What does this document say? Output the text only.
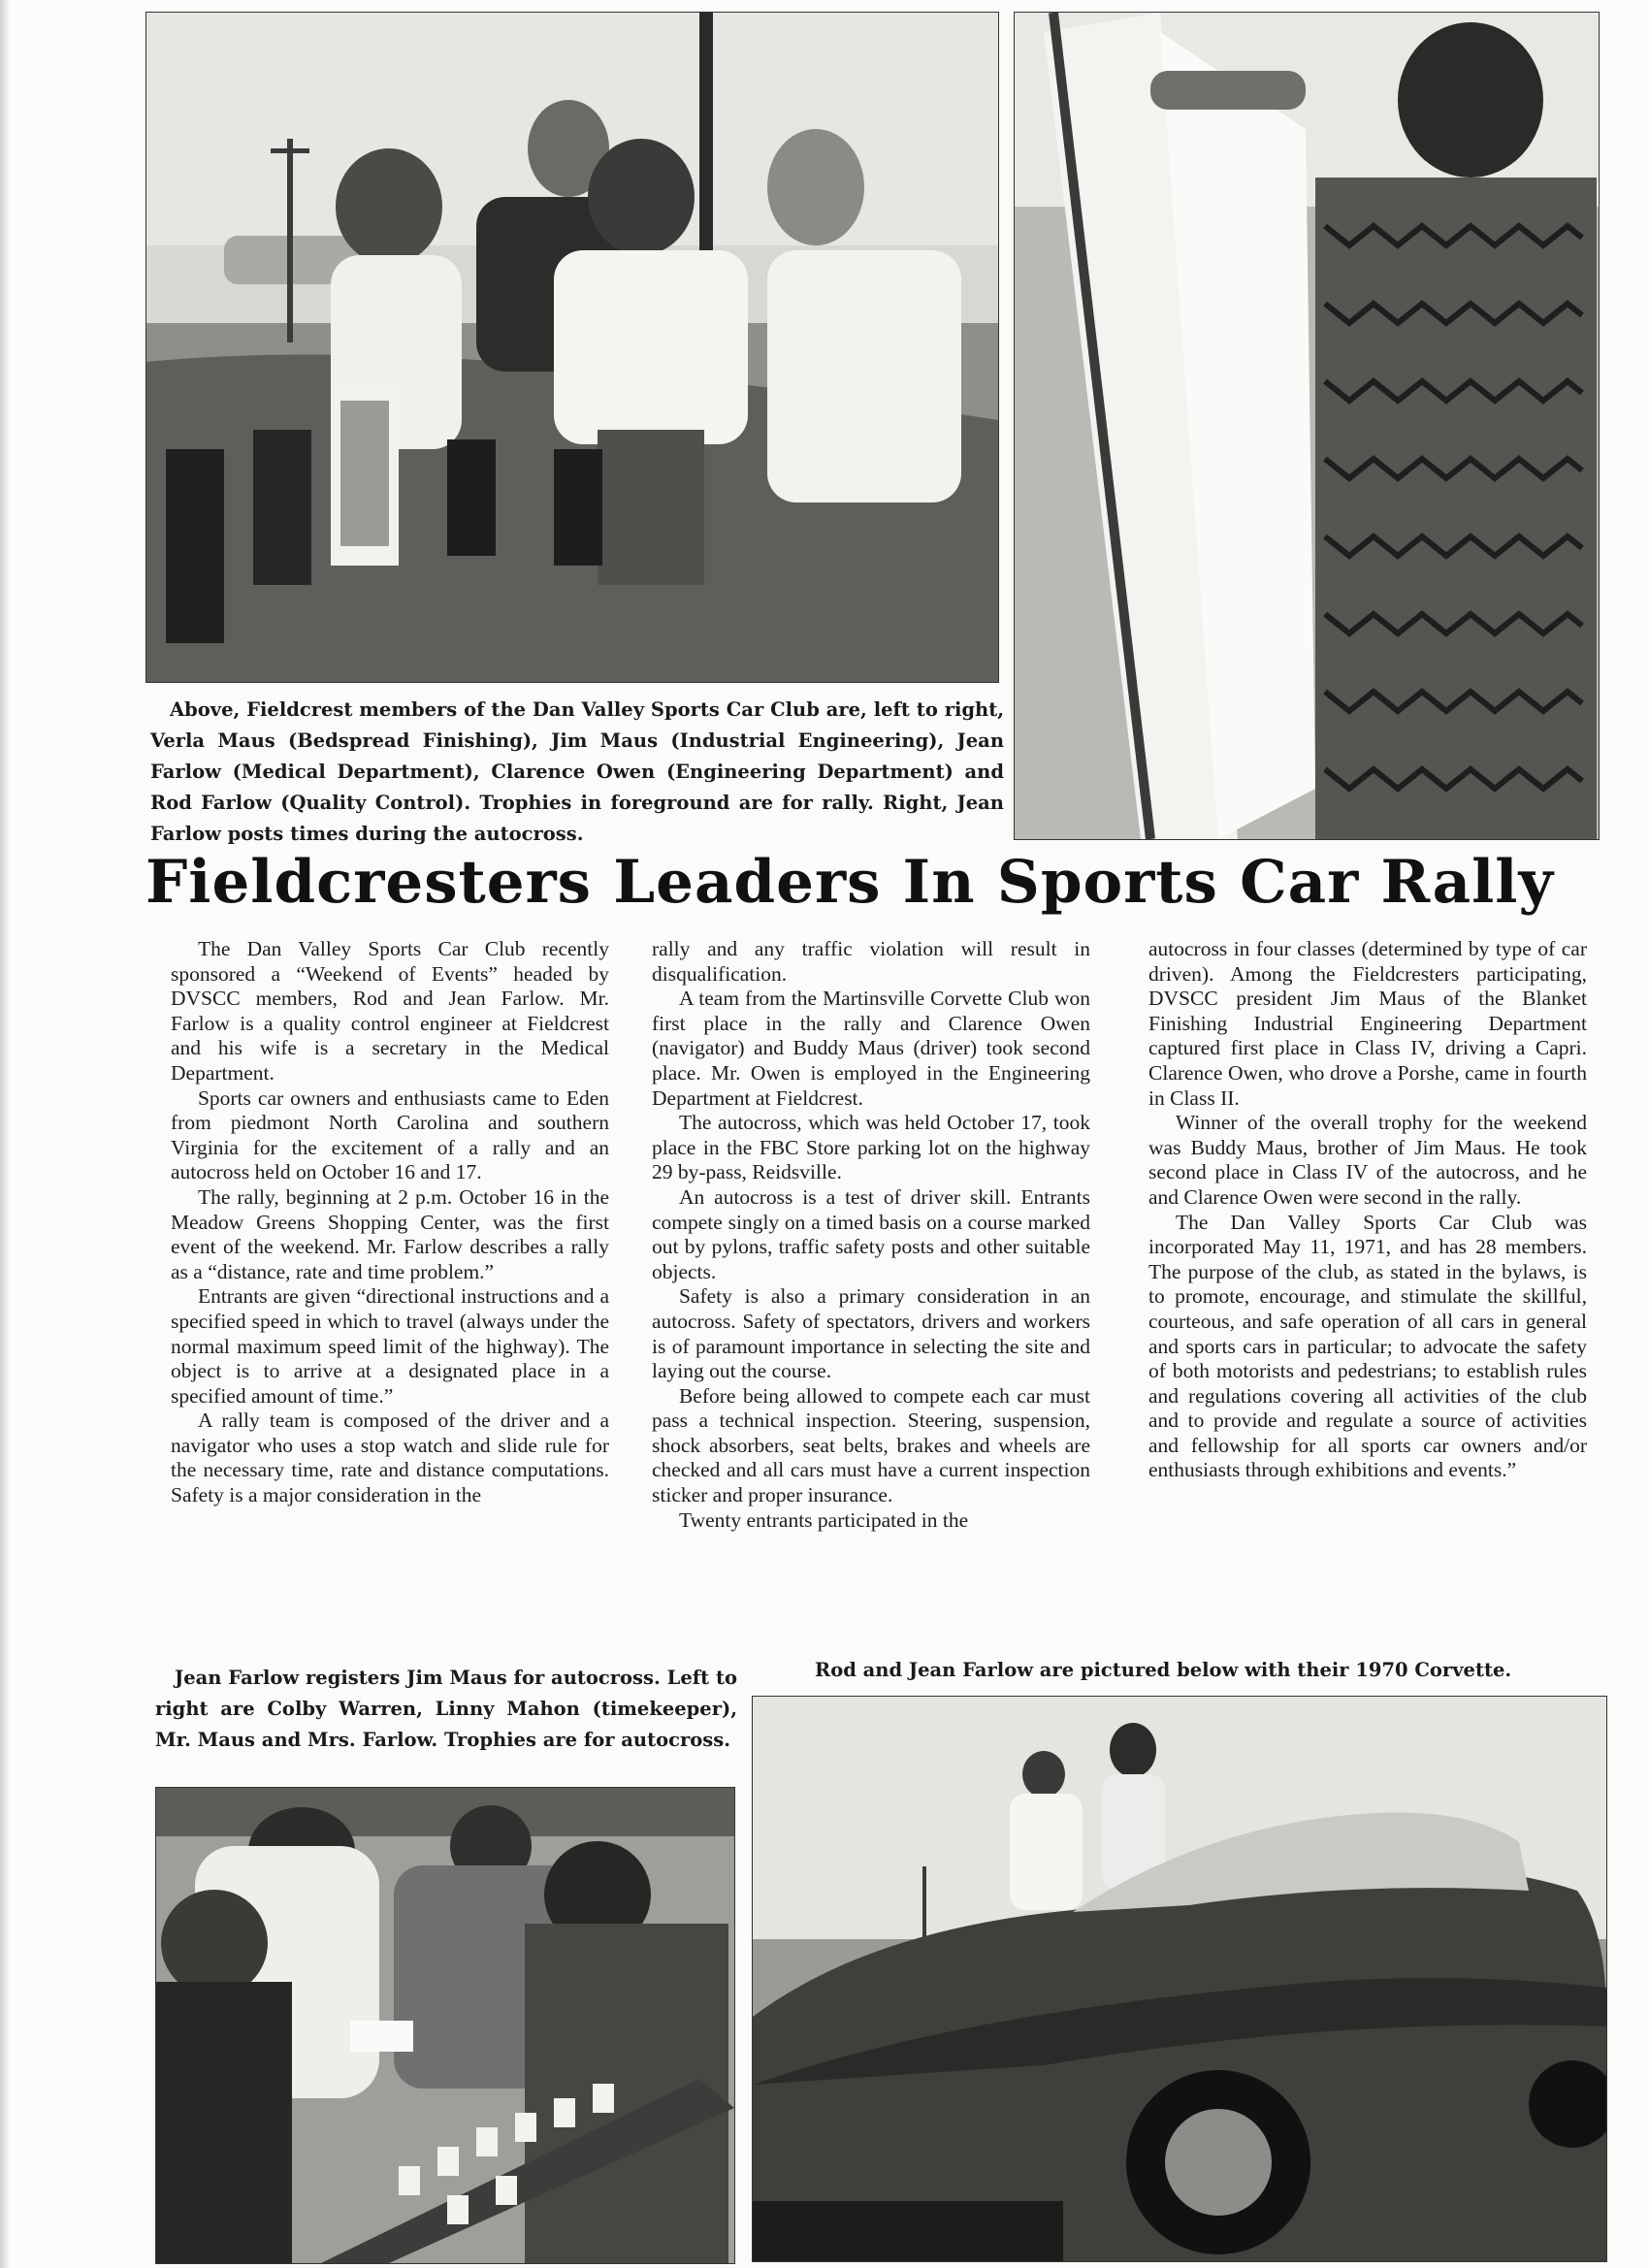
Above, Fieldcrest members of the Dan Valley Sports Car Club are, left to right, Verla Maus (Bedspread Finishing), Jim Maus (Industrial Engineering), Jean Farlow (Medical Department), Clarence Owen (Engineering Department) and Rod Farlow (Quality Control). Trophies in foreground are for rally. Right, Jean Farlow posts times during the autocross.

Fieldcresters Leaders In Sports Car Rally

The Dan Valley Sports Car Club recently sponsored a “Weekend of Events” headed by DVSCC members, Rod and Jean Farlow. Mr. Farlow is a quality control engineer at Fieldcrest and his wife is a secretary in the Medical Department.

Sports car owners and enthusiasts came to Eden from piedmont North Carolina and southern Virginia for the excitement of a rally and an autocross held on October 16 and 17.

The rally, beginning at 2 p.m. October 16 in the Meadow Greens Shopping Center, was the first event of the weekend. Mr. Farlow describes a rally as a “distance, rate and time problem.”

Entrants are given “directional instructions and a specified speed in which to travel (always under the normal maximum speed limit of the highway). The object is to arrive at a designated place in a specified amount of time.”

A rally team is composed of the driver and a navigator who uses a stop watch and slide rule for the necessary time, rate and distance computations. Safety is a major consideration in the

rally and any traffic violation will result in disqualification.

A team from the Martinsville Corvette Club won first place in the rally and Clarence Owen (navigator) and Buddy Maus (driver) took second place. Mr. Owen is employed in the Engineering Department at Fieldcrest.

The autocross, which was held October 17, took place in the FBC Store parking lot on the highway 29 by-pass, Reidsville.

An autocross is a test of driver skill. Entrants compete singly on a timed basis on a course marked out by pylons, traffic safety posts and other suitable objects.

Safety is also a primary consideration in an autocross. Safety of spectators, drivers and workers is of paramount importance in selecting the site and laying out the course.

Before being allowed to compete each car must pass a technical inspection. Steering, suspension, shock absorbers, seat belts, brakes and wheels are checked and all cars must have a current inspection sticker and proper insurance.

Twenty entrants participated in the

autocross in four classes (determined by type of car driven). Among the Fieldcresters participating, DVSCC president Jim Maus of the Blanket Finishing Industrial Engineering Department captured first place in Class IV, driving a Capri. Clarence Owen, who drove a Porshe, came in fourth in Class II.

Winner of the overall trophy for the weekend was Buddy Maus, brother of Jim Maus. He took second place in Class IV of the autocross, and he and Clarence Owen were second in the rally.

The Dan Valley Sports Car Club was incorporated May 11, 1971, and has 28 members. The purpose of the club, as stated in the bylaws, is to promote, encourage, and stimulate the skillful, courteous, and safe operation of all cars in general and sports cars in particular; to advocate the safety of both motorists and pedestrians; to establish rules and regulations covering all activities of the club and to provide and regulate a source of activities and fellowship for all sports car owners and/or enthusiasts through exhibitions and events.”

Jean Farlow registers Jim Maus for autocross. Left to right are Colby Warren, Linny Mahon (timekeeper), Mr. Maus and Mrs. Farlow. Trophies are for autocross.

Rod and Jean Farlow are pictured below with their 1970 Corvette.
